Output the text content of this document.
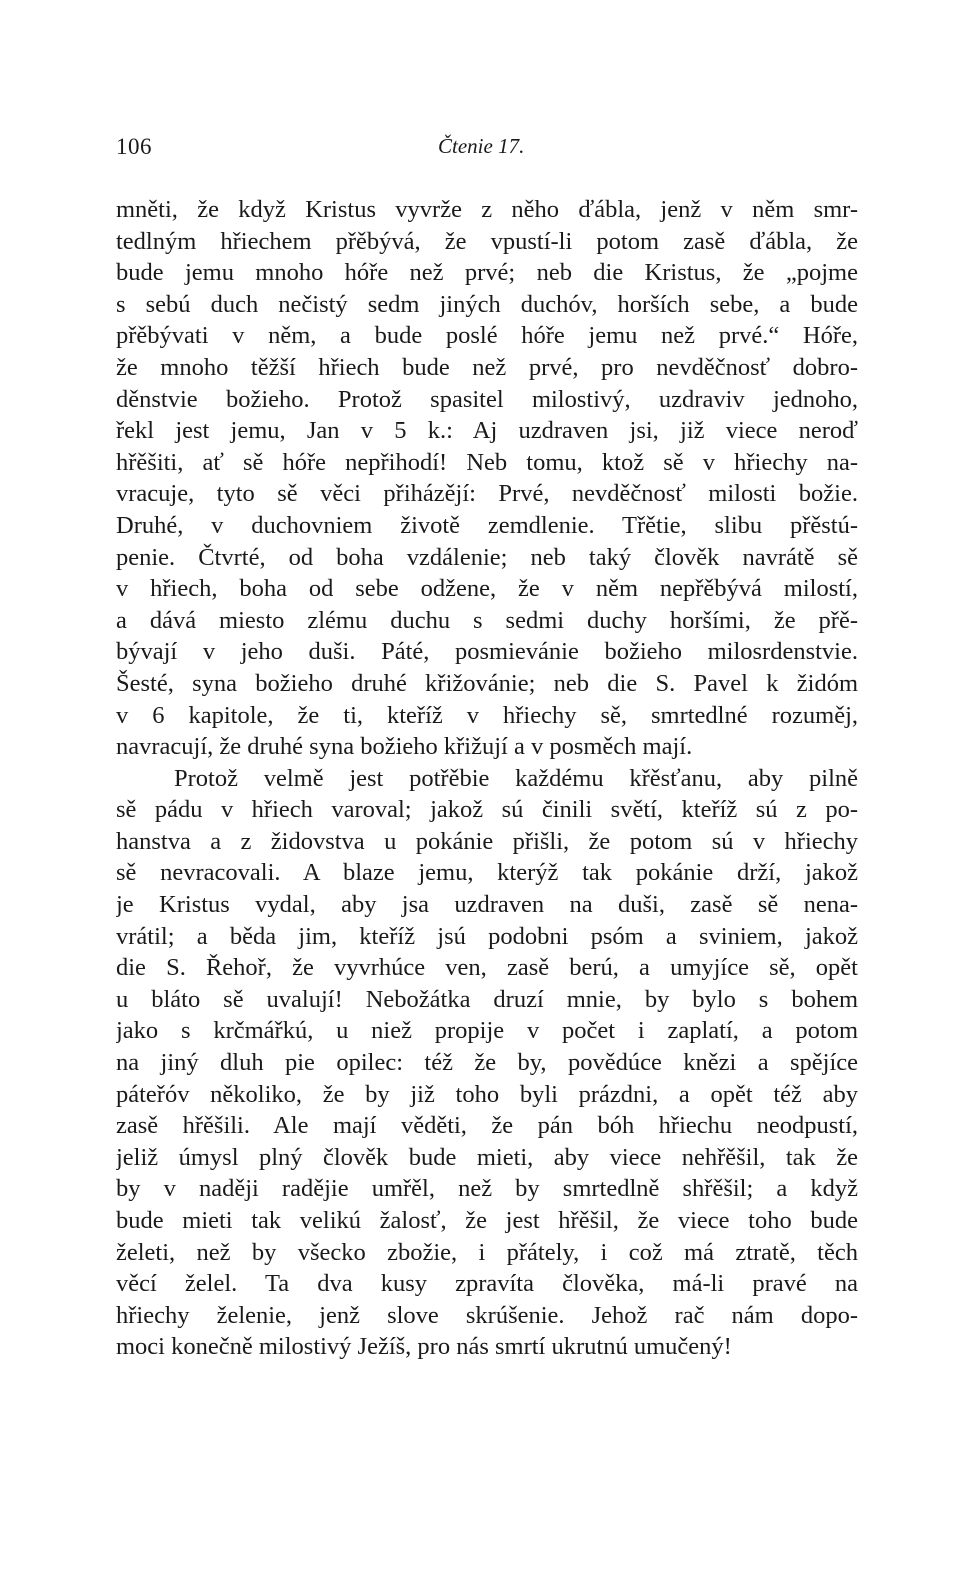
106	Čtenie 17.
mněti, že když Kristus vyvrže z něho ďábla, jenž v něm smr-
tedlným hřiechem přěbývá, že vpustí-li potom zasě ďábla, že
bude jemu mnoho hóře než prvé; neb die Kristus, že „pojme
s sebú duch nečistý sedm jiných duchóv, horších sebe, a bude
přěbývati v něm, a bude poslé hóře jemu než prvé.“ Hóře,
že mnoho těžší hřiech bude než prvé, pro nevděčnosť dobro-
děnstvie božieho. Protož spasitel milostivý, uzdraviv jednoho,
řekl jest jemu, Jan v 5 k.: Aj uzdraven jsi, již viece neroď
hřěšiti, ať sě hóře nepřihodí! Neb tomu, ktož sě v hřiechy na-
vracuje, tyto sě věci přiházějí: Prvé, nevděčnosť milosti božie.
Druhé, v duchovniem životě zemdlenie. Třětie, slibu přěstú-
penie. Čtvrté, od boha vzdálenie; neb taký člověk navrátě sě
v hřiech, boha od sebe odžene, že v něm nepřěbývá milostí,
a dává miesto zlému duchu s sedmi duchy horšími, že přě-
bývají v jeho duši. Páté, posmievánie božieho milosrdenstvie.
Šesté, syna božieho druhé křižovánie; neb die S. Pavel k židóm
v 6 kapitole, že ti, kteříž v hřiechy sě, smrtedlné rozuměj,
navracují, že druhé syna božieho křižují a v posměch mají.
Protož velmě jest potřěbie každému křěsťanu, aby pilně
sě pádu v hřiech varoval; jakož sú činili světí, kteříž sú z po-
hanstva a z židovstva u pokánie přišli, že potom sú v hřiechy
sě nevracovali. A blaze jemu, kterýž tak pokánie drží, jakož
je Kristus vydal, aby jsa uzdraven na duši, zasě sě nena-
vrátil; a běda jim, kteříž jsú podobni psóm a sviniem, jakož
die S. Řehoř, že vyvrhúce ven, zasě berú, a umyjíce sě, opět
u bláto sě uvalují! Nebožátka druzí mnie, by bylo s bohem
jako s krčmářkú, u niež propije v počet i zaplatí, a potom
na jiný dluh pie opilec: též že by, povědúce knězi a spějíce
páteřóv několiko, že by již toho byli prázdni, a opět též aby
zasě hřěšili. Ale mají věděti, že pán bóh hřiechu neodpustí,
jeliž úmysl plný člověk bude mieti, aby viece nehřěšil, tak že
by v naději radějie umřěl, než by smrtedlně shřěšil; a když
bude mieti tak velikú žalosť, že jest hřěšil, že viece toho bude
želeti, než by všecko zbožie, i přátely, i což má ztratě, těch
věcí želel. Ta dva kusy zpravíta člověka, má-li pravé na
hřiechy želenie, jenž slove skrúšenie. Jehož rač nám dopo-
moci konečně milostivý Ježíš, pro nás smrtí ukrutnú umučený!
